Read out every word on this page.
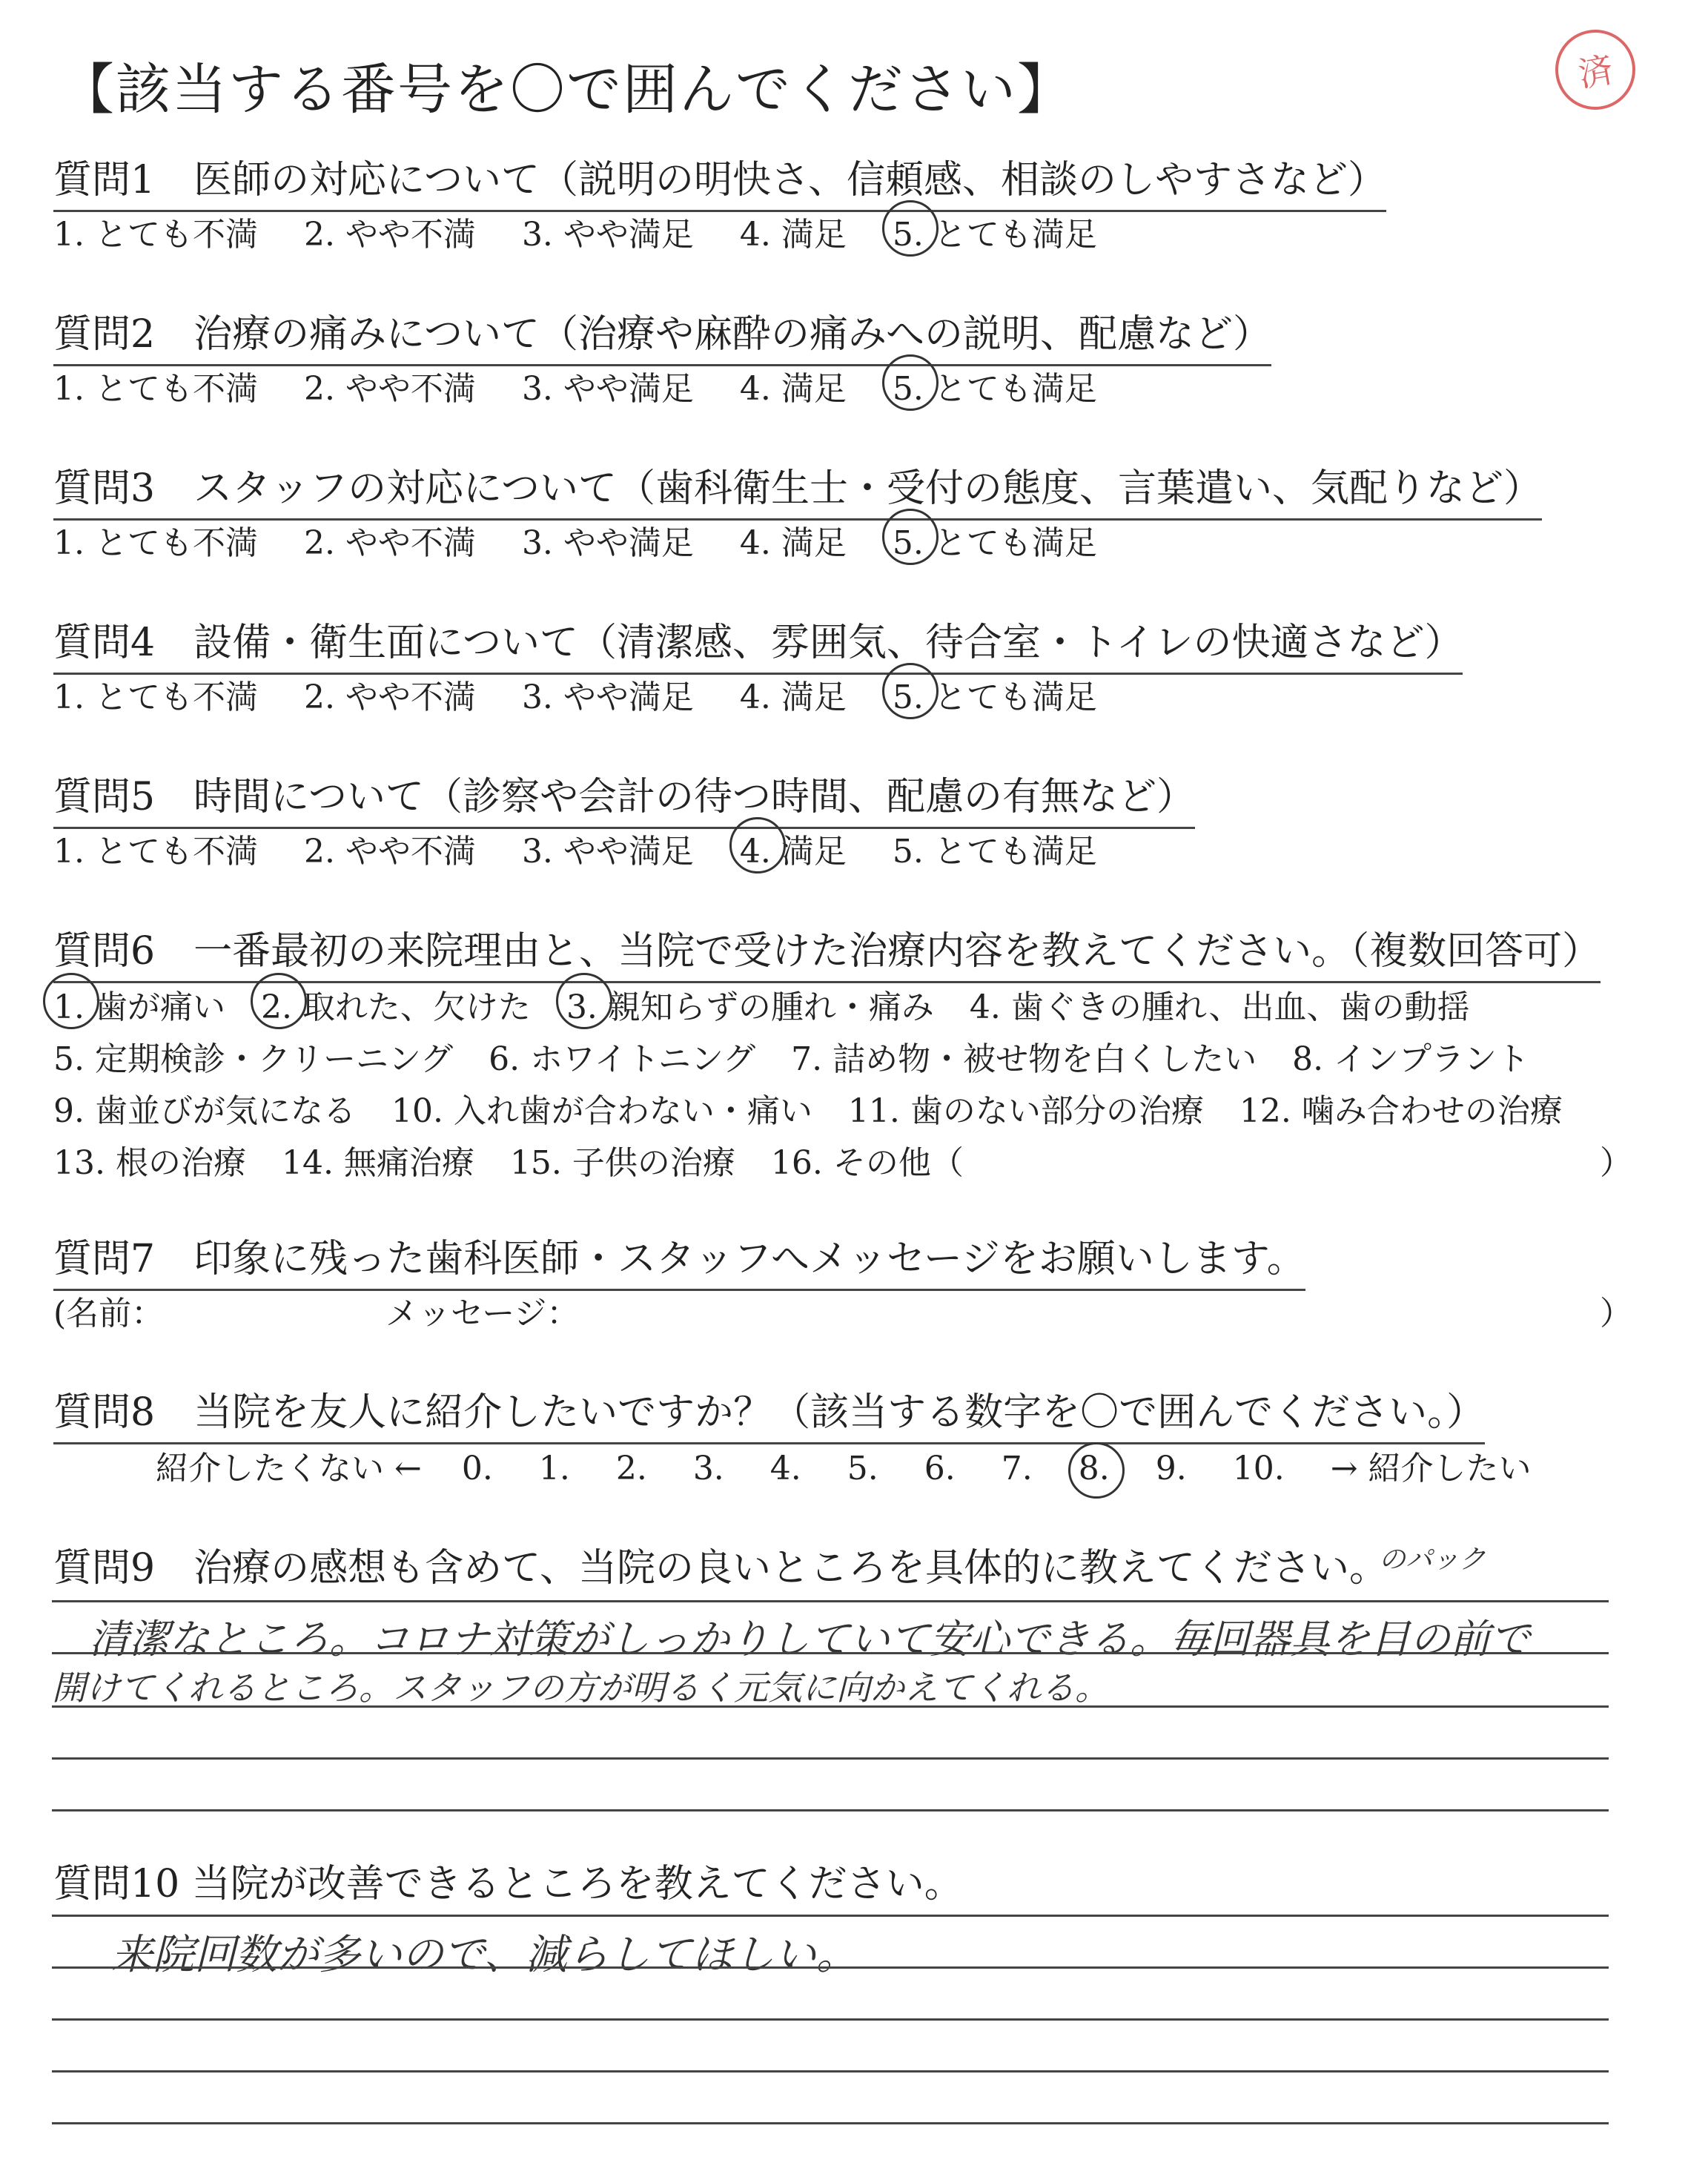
【該当する番号を〇で囲んでください】	済
質問1　医師の対応について（説明の明快さ、信頼感、相談のしやすさなど）
1. とても不満 2. やや不満 3. やや満足 4. 満足 5. とても満足
質問2　治療の痛みについて（治療や麻酔の痛みへの説明、配慮など）
1. とても不満 2. やや不満 3. やや満足 4. 満足 5. とても満足
質問3　スタッフの対応について（歯科衛生士・受付の態度、言葉遣い、気配りなど）
1. とても不満 2. やや不満 3. やや満足 4. 満足 5. とても満足
質問4　設備・衛生面について（清潔感、雰囲気、待合室・トイレの快適さなど）
1. とても不満 2. やや不満 3. やや満足 4. 満足 5. とても満足
質問5　時間について（診察や会計の待つ時間、配慮の有無など）
1. とても不満 2. やや不満 3. やや満足 4. 満足 5. とても満足
質問6　一番最初の来院理由と、当院で受けた治療内容を教えてください。（複数回答可）
1. 歯が痛い 2. 取れた、欠けた 3. 親知らずの腫れ・痛み 4. 歯ぐきの腫れ、出血、歯の動揺
5. 定期検診・クリーニング 6. ホワイトニング 7. 詰め物・被せ物を白くしたい 8. インプラント
9. 歯並びが気になる 10. 入れ歯が合わない・痛い 11. 歯のない部分の治療 12. 噛み合わせの治療
13. 根の治療 14. 無痛治療 15. 子供の治療 16. その他（	）
質問7　印象に残った歯科医師・スタッフへメッセージをお願いします。
(名前：	メッセージ：	）
質問8　当院を友人に紹介したいですか？（該当する数字を〇で囲んでください。）
紹介したくない ← 0. 1. 2. 3. 4. 5. 6. 7. 8. 9. 10. → 紹介したい
質問9　治療の感想も含めて、当院の良いところを具体的に教えてください。
のパック
清潔なところ。コロナ対策がしっかりしていて安心できる。毎回器具を目の前で
開けてくれるところ。スタッフの方が明るく元気に向かえてくれる。
質問10 当院が改善できるところを教えてください。
来院回数が多いので、減らしてほしい。
